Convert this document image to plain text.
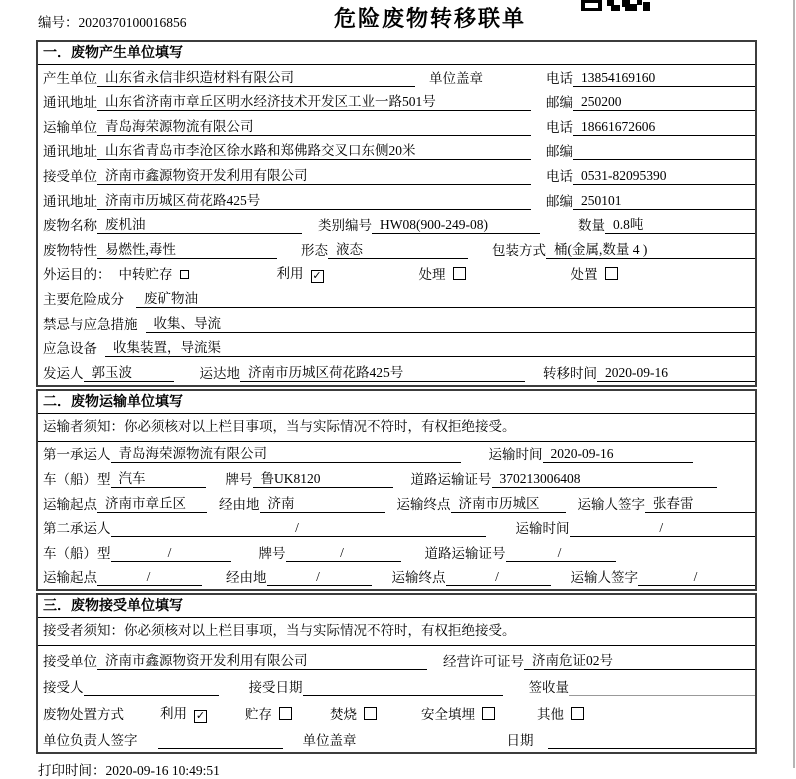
编号：2020370100016856	危险废物转移联单
一．废物产生单位填写
产生单位 山东省永信非织造材料有限公司	单位盖章	电话 13854169160
通讯地址 山东省济南市章丘区明水经济技术开发区工业一路501号	邮编 250200
运输单位 青岛海荣源物流有限公司	电话 18661672606
通讯地址 山东省青岛市李沧区徐水路和郑佛路交叉口东侧20米	邮编
接受单位 济南市鑫源物资开发利用有限公司	电话 0531-82095390
通讯地址 济南市历城区荷花路425号	邮编 250101
废物名称 废机油	类别编号 HW08(900-249-08)	数量 0.8吨
废物特性 易燃性,毒性	形态 液态	包装方式 桶(金属,数量 4 )
外运目的： 中转贮存	利用 ✓	处理	处置
主要危险成分	废矿物油
禁忌与应急措施	收集、导流
应急设备	收集装置，导流渠
发运人 郭玉波	运达地 济南市历城区荷花路425号	转移时间 2020-09-16
二．废物运输单位填写
运输者须知：你必须核对以上栏目事项，当与实际情况不符时，有权拒绝接受。
第一承运人 青岛海荣源物流有限公司	运输时间 2020-09-16
车（船）型 汽车	牌号 鲁UK8120	道路运输证号 370213006408
运输起点 济南市章丘区	经由地 济南	运输终点 济南市历城区	运输人签字 张春雷
第二承运人	/	运输时间	/
车（船）型	/	牌号	/	道路运输证号	/
运输起点	/	经由地	/	运输终点	/	运输人签字	/
三．废物接受单位填写
接受者须知：你必须核对以上栏目事项，当与实际情况不符时，有权拒绝接受。
接受单位 济南市鑫源物资开发利用有限公司	经营许可证号 济南危证02号
接受人	接受日期	签收量
废物处置方式	利用 ✓	贮存	焚烧	安全填埋	其他
单位负责人签字	单位盖章	日期
打印时间：2020-09-16 10:49:51
